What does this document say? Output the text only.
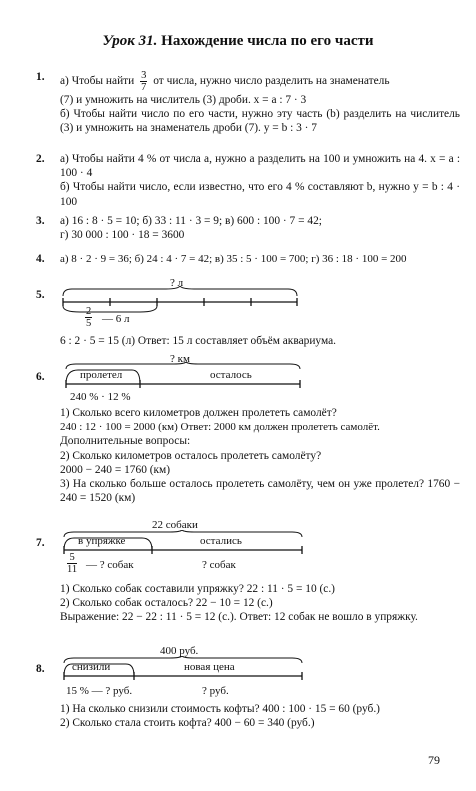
Урок 31. Нахождение числа по его части
1. а) Чтобы найти $\frac{3}{7}$ от числа, нужно число разделить на знаменатель

(7) и умножить на числитель (3) дроби. x = a : 7 · 3

б) Чтобы найти число по его части, нужно эту часть (b) разделить на числитель (3) и умножить на знаменатель дроби (7). y = b : 3 · 7

2. а) Чтобы найти 4 % от числа a, нужно a разделить на 100 и умножить на 4. x = a : 100 · 4

б) Чтобы найти число, если известно, что его 4 % составляют b, нужно y = b : 4 · 100

3. а) 16 : 8 · 5 = 10; б) 33 : 11 · 3 = 9; в) 600 : 100 · 7 = 42;

г) 30 000 : 100 · 18 = 3600

4. а) 8 · 2 · 9 = 36; б) 24 : 4 · 7 = 42; в) 35 : 5 · 100 = 700; г) 36 : 18 · 100 = 200

5.
? л
$\frac{2}{5}$ — 6 л

6 : 2 · 5 = 15 (л) Ответ: 15 л составляет объём аквариума.

6.
? км
пролетел	осталось
240 % · 12 %

1) Сколько всего километров должен пролететь самолёт?

240 : 12 · 100 = 2000 (км) Ответ: 2000 км должен пролететь самолёт.

Дополнительные вопросы:

2) Сколько километров осталось пролететь самолёту?

2000 − 240 = 1760 (км)

3) На сколько больше осталось пролететь самолёту, чем он уже пролетел? 1760 − 240 = 1520 (км)

7.
22 собаки
в упряжке	остались
$\frac{5}{11}$ — ? собак	? собак

1) Сколько собак составили упряжку? 22 : 11 · 5 = 10 (с.)

2) Сколько собак осталось? 22 − 10 = 12 (с.)

Выражение: 22 − 22 : 11 · 5 = 12 (с.). Ответ: 12 собак не вошло в упряжку.

8.
400 руб.
снизили	новая цена
15 % — ? руб.	? руб.

1) На сколько снизили стоимость кофты? 400 : 100 · 15 = 60 (руб.)

2) Сколько стала стоить кофта? 400 − 60 = 340 (руб.)

79
